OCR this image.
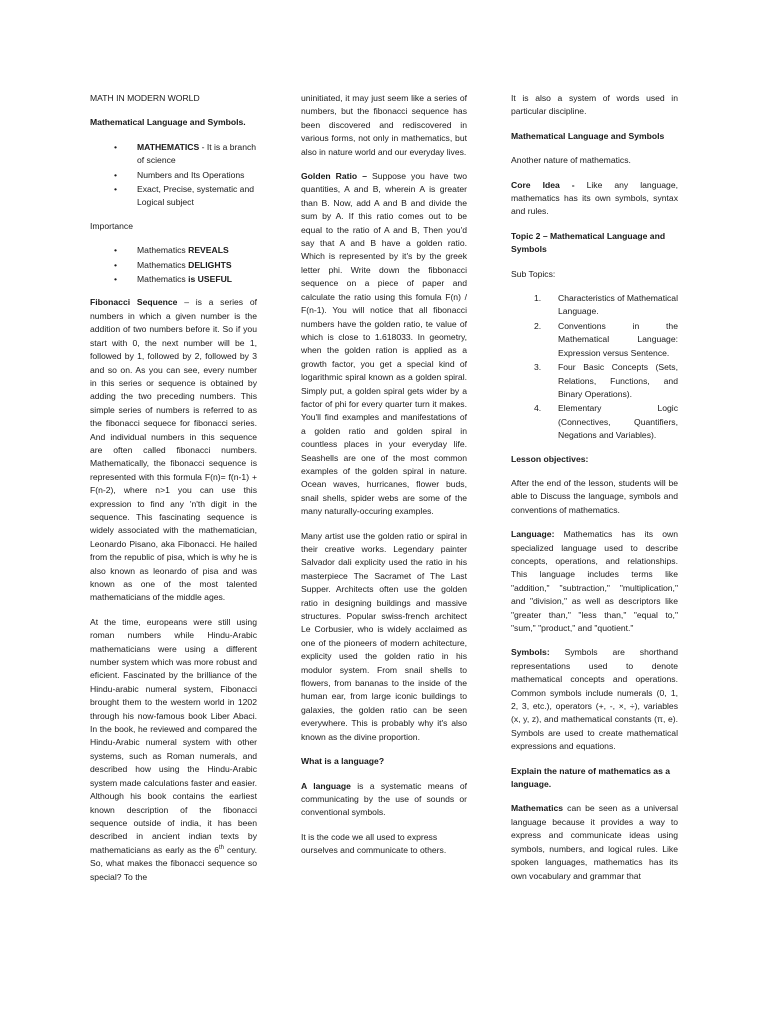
MATH IN MODERN WORLD

Mathematical Language and Symbols.

• MATHEMATICS - It is a branch of science
• Numbers and Its Operations
• Exact, Precise, systematic and Logical subject

Importance

• Mathematics REVEALS
• Mathematics DELIGHTS
• Mathematics is USEFUL

Fibonacci Sequence – is a series of numbers in which a given number is the addition of two numbers before it. So if you start with 0, the next number will be 1, followed by 1, followed by 2, followed by 3 and so on. As you can see, every number in this series or sequence is obtained by adding the two preceding numbers. This simple series of numbers is referred to as the fibonacci sequece for fibonacci series. And individual numbers in this sequence are often called fibonacci numbers. Mathematically, the fibonacci sequence is represented with this formula F(n)= f(n-1) + F(n-2), where n>1 you can use this expression to find any 'n'th digit in the sequence. This fascinating sequence is widely associated with the mathematician, Leonardo Pisano, aka Fibonacci. He hailed from the republic of pisa, which is why he is also known as leonardo of pisa and was known as one of the most talented mathematicians of the middle ages.

At the time, europeans were still using roman numbers while Hindu-Arabic mathematicians were using a different number system which was more robust and eficient. Fascinated by the brilliance of the Hindu-arabic numeral system, Fibonacci brought them to the western world in 1202 through his now-famous book Liber Abaci. In the book, he reviewed and compared the Hindu-Arabic numeral system with other systems, such as Roman numerals, and described how using the Hindu-Arabic system made calculations faster and easier. Although his book contains the earliest known description of the fibonacci sequence outside of india, it has been described in ancient indian texts by mathematicians as early as the 6th century. So, what makes the fibonacci sequence so special? To the

uninitiated, it may just seem like a series of numbers, but the fibonacci sequence has been discovered and rediscovered in various forms, not only in mathematics, but also in nature world and our everyday lives.

Golden Ratio – Suppose you have two quantities, A and B, wherein A is greater than B. Now, add A and B and divide the sum by A. If this ratio comes out to be equal to the ratio of A and B, Then you'd say that A and B have a golden ratio. Which is represented by it's by the greek letter phi. Write down the fibbonacci sequence on a piece of paper and calculate the ratio using this fomula F(n) / F(n-1). You will notice that all fibonacci numbers have the golden ratio, te value of which is close to 1.618033. In geometry, when the golden ration is applied as a growth factor, you get a special kind of logarithmic spiral known as a golden spiral. Simply put, a golden spiral gets wider by a factor of phi for every quarter turn it makes. You'll find examples and manifestations of a golden ratio and golden spiral in countless places in your everyday life. Seashells are one of the most common examples of the golden spiral in nature. Ocean waves, hurricanes, flower buds, snail shells, spider webs are some of the many naturally-occuring examples.

Many artist use the golden ratio or spiral in their creative works. Legendary painter Salvador dali explicity used the ratio in his masterpiece The Sacramet of The Last Supper. Architects often use the golden ratio in designing buildings and massive structures. Popular swiss-french architect Le Corbusier, who is widely acclaimed as one of the pioneers of modern achitecture, explicity used the golden ratio in his modulor system. From snail shells to flowers, from bananas to the inside of the human ear, from large iconic buildings to galaxies, the golden ratio can be seen everywhere. This is probably why it's also known as the divine proportion.

What is a language?

A language is a systematic means of communicating by the use of sounds or conventional symbols.

It is the code we all used to express ourselves and communicate to others.

It is also a system of words used in particular discipline.

Mathematical Language and Symbols

Another nature of mathematics.

Core Idea - Like any language, mathematics has its own symbols, syntax and rules.

Topic 2 – Mathematical Language and Symbols

Sub Topics:

1. Characteristics of Mathematical Language.
2. Conventions in the Mathematical Language: Expression versus Sentence.
3. Four Basic Concepts (Sets, Relations, Functions, and Binary Operations).
4. Elementary Logic (Connectives, Quantifiers, Negations and Variables).

Lesson objectives:

After the end of the lesson, students will be able to Discuss the language, symbols and conventions of mathematics.

Language: Mathematics has its own specialized language used to describe concepts, operations, and relationships. This language includes terms like "addition," "subtraction," "multiplication," and "division," as well as descriptors like "greater than," "less than," "equal to," "sum," "product," and "quotient."

Symbols: Symbols are shorthand representations used to denote mathematical concepts and operations. Common symbols include numerals (0, 1, 2, 3, etc.), operators (+, -, ×, ÷), variables (x, y, z), and mathematical constants (π, e). Symbols are used to create mathematical expressions and equations.

Explain the nature of mathematics as a language.

Mathematics can be seen as a universal language because it provides a way to express and communicate ideas using symbols, numbers, and logical rules. Like spoken languages, mathematics has its own vocabulary and grammar that
